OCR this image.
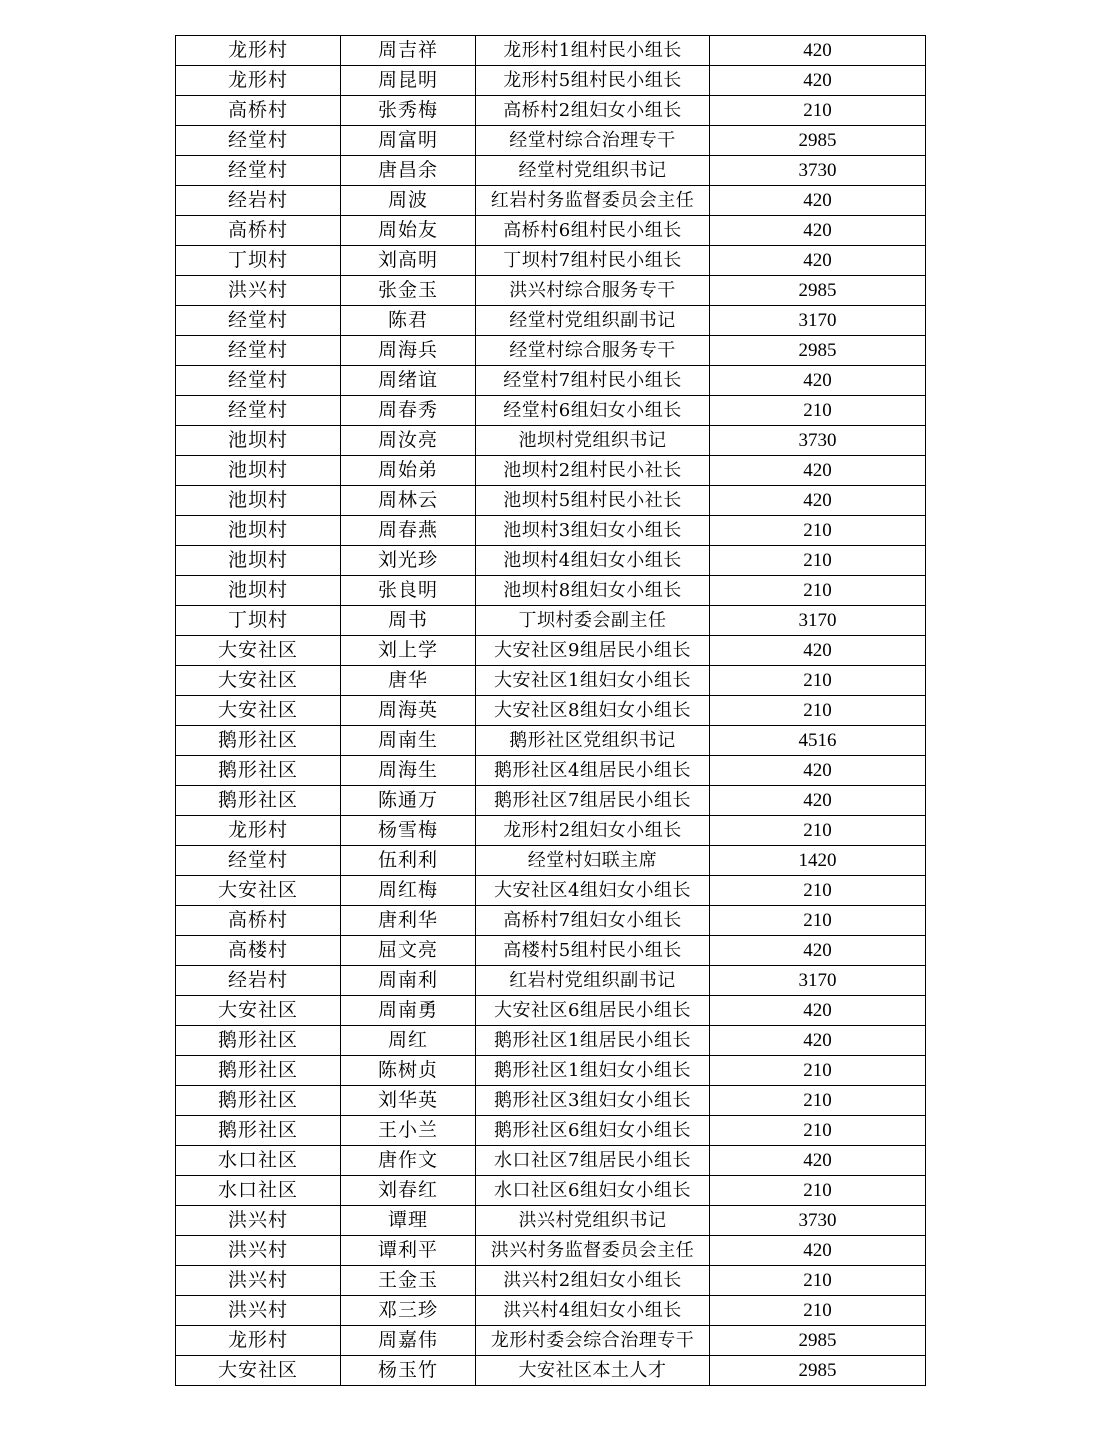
龙形村	周吉祥	龙形村1组村民小组长	420
龙形村	周昆明	龙形村5组村民小组长	420
高桥村	张秀梅	高桥村2组妇女小组长	210
经堂村	周富明	经堂村综合治理专干	2985
经堂村	唐昌余	经堂村党组织书记	3730
经岩村	周波	红岩村务监督委员会主任	420
高桥村	周始友	高桥村6组村民小组长	420
丁坝村	刘高明	丁坝村7组村民小组长	420
洪兴村	张金玉	洪兴村综合服务专干	2985
经堂村	陈君	经堂村党组织副书记	3170
经堂村	周海兵	经堂村综合服务专干	2985
经堂村	周绪谊	经堂村7组村民小组长	420
经堂村	周春秀	经堂村6组妇女小组长	210
池坝村	周汝亮	池坝村党组织书记	3730
池坝村	周始弟	池坝村2组村民小社长	420
池坝村	周林云	池坝村5组村民小社长	420
池坝村	周春燕	池坝村3组妇女小组长	210
池坝村	刘光珍	池坝村4组妇女小组长	210
池坝村	张良明	池坝村8组妇女小组长	210
丁坝村	周书	丁坝村委会副主任	3170
大安社区	刘上学	大安社区9组居民小组长	420
大安社区	唐华	大安社区1组妇女小组长	210
大安社区	周海英	大安社区8组妇女小组长	210
鹅形社区	周南生	鹅形社区党组织书记	4516
鹅形社区	周海生	鹅形社区4组居民小组长	420
鹅形社区	陈通万	鹅形社区7组居民小组长	420
龙形村	杨雪梅	龙形村2组妇女小组长	210
经堂村	伍利利	经堂村妇联主席	1420
大安社区	周红梅	大安社区4组妇女小组长	210
高桥村	唐利华	高桥村7组妇女小组长	210
高楼村	屈文亮	高楼村5组村民小组长	420
经岩村	周南利	红岩村党组织副书记	3170
大安社区	周南勇	大安社区6组居民小组长	420
鹅形社区	周红	鹅形社区1组居民小组长	420
鹅形社区	陈树贞	鹅形社区1组妇女小组长	210
鹅形社区	刘华英	鹅形社区3组妇女小组长	210
鹅形社区	王小兰	鹅形社区6组妇女小组长	210
水口社区	唐作文	水口社区7组居民小组长	420
水口社区	刘春红	水口社区6组妇女小组长	210
洪兴村	谭理	洪兴村党组织书记	3730
洪兴村	谭利平	洪兴村务监督委员会主任	420
洪兴村	王金玉	洪兴村2组妇女小组长	210
洪兴村	邓三珍	洪兴村4组妇女小组长	210
龙形村	周嘉伟	龙形村委会综合治理专干	2985
大安社区	杨玉竹	大安社区本土人才	2985
